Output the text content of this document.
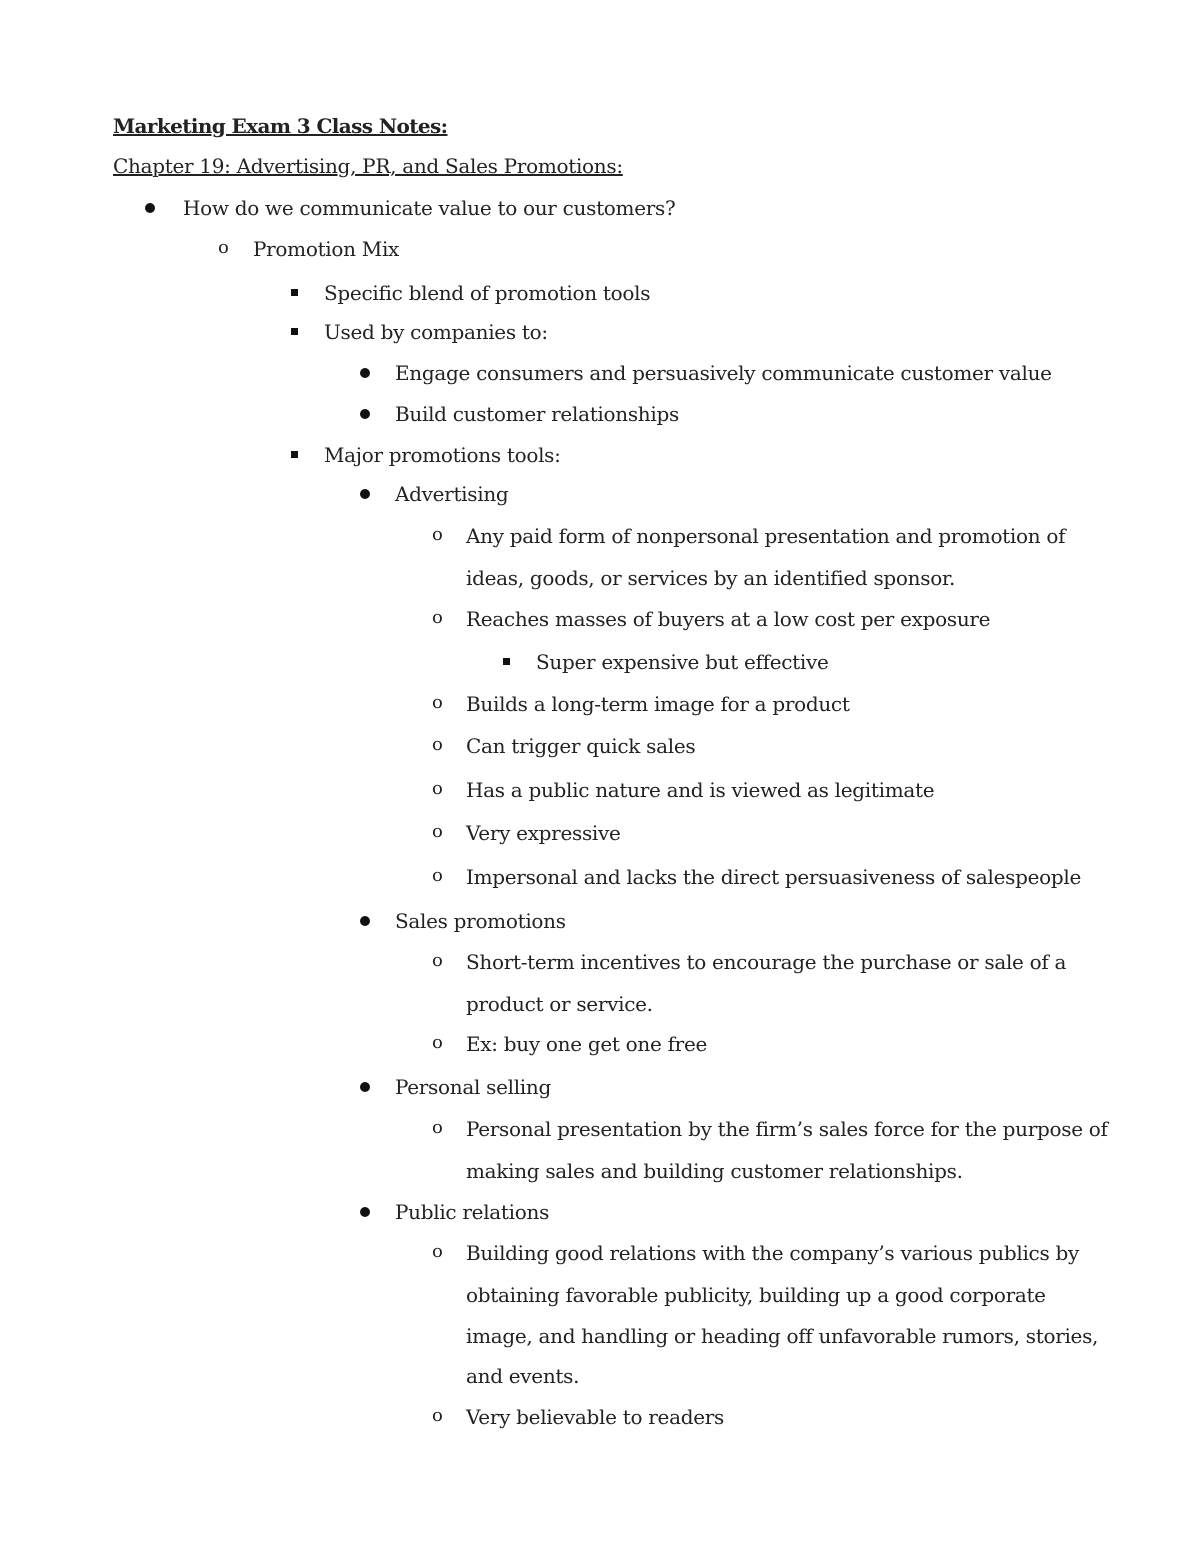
Marketing Exam 3 Class Notes:
Chapter 19: Advertising, PR, and Sales Promotions:
How do we communicate value to our customers?
o Promotion Mix
Specific blend of promotion tools
Used by companies to:
Engage consumers and persuasively communicate customer value
Build customer relationships
Major promotions tools:
Advertising
o Any paid form of nonpersonal presentation and promotion of
ideas, goods, or services by an identified sponsor.
o Reaches masses of buyers at a low cost per exposure
Super expensive but effective
o Builds a long-term image for a product
o Can trigger quick sales
o Has a public nature and is viewed as legitimate
o Very expressive
o Impersonal and lacks the direct persuasiveness of salespeople
Sales promotions
o Short-term incentives to encourage the purchase or sale of a
product or service.
o Ex: buy one get one free
Personal selling
o Personal presentation by the firm’s sales force for the purpose of
making sales and building customer relationships.
Public relations
o Building good relations with the company’s various publics by
obtaining favorable publicity, building up a good corporate
image, and handling or heading off unfavorable rumors, stories,
and events.
o Very believable to readers
